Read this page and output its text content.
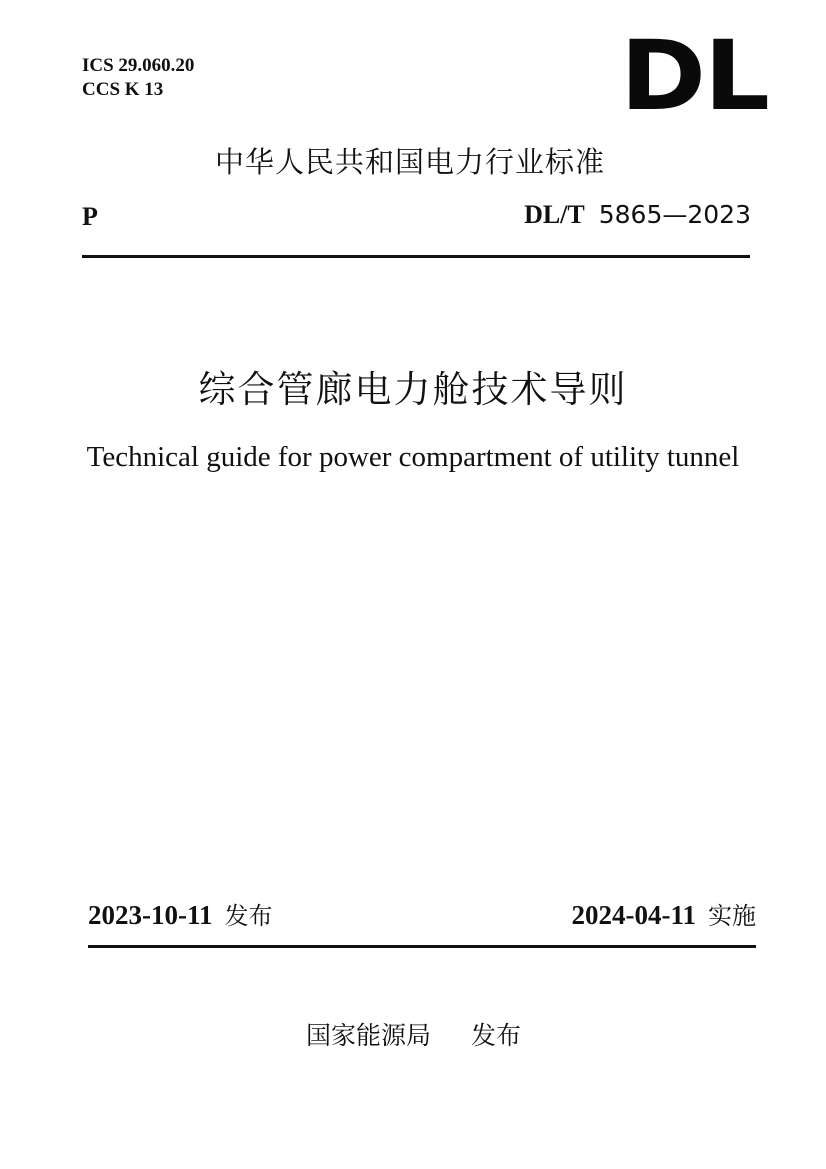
ICS 29.060.20
CCS K 13	DL
中华人民共和国电力行业标准
P	DL/T 5865—2023
综合管廊电力舱技术导则
Technical guide for power compartment of utility tunnel
2023-10-11 发布	2024-04-11 实施
国家能源局 发布
